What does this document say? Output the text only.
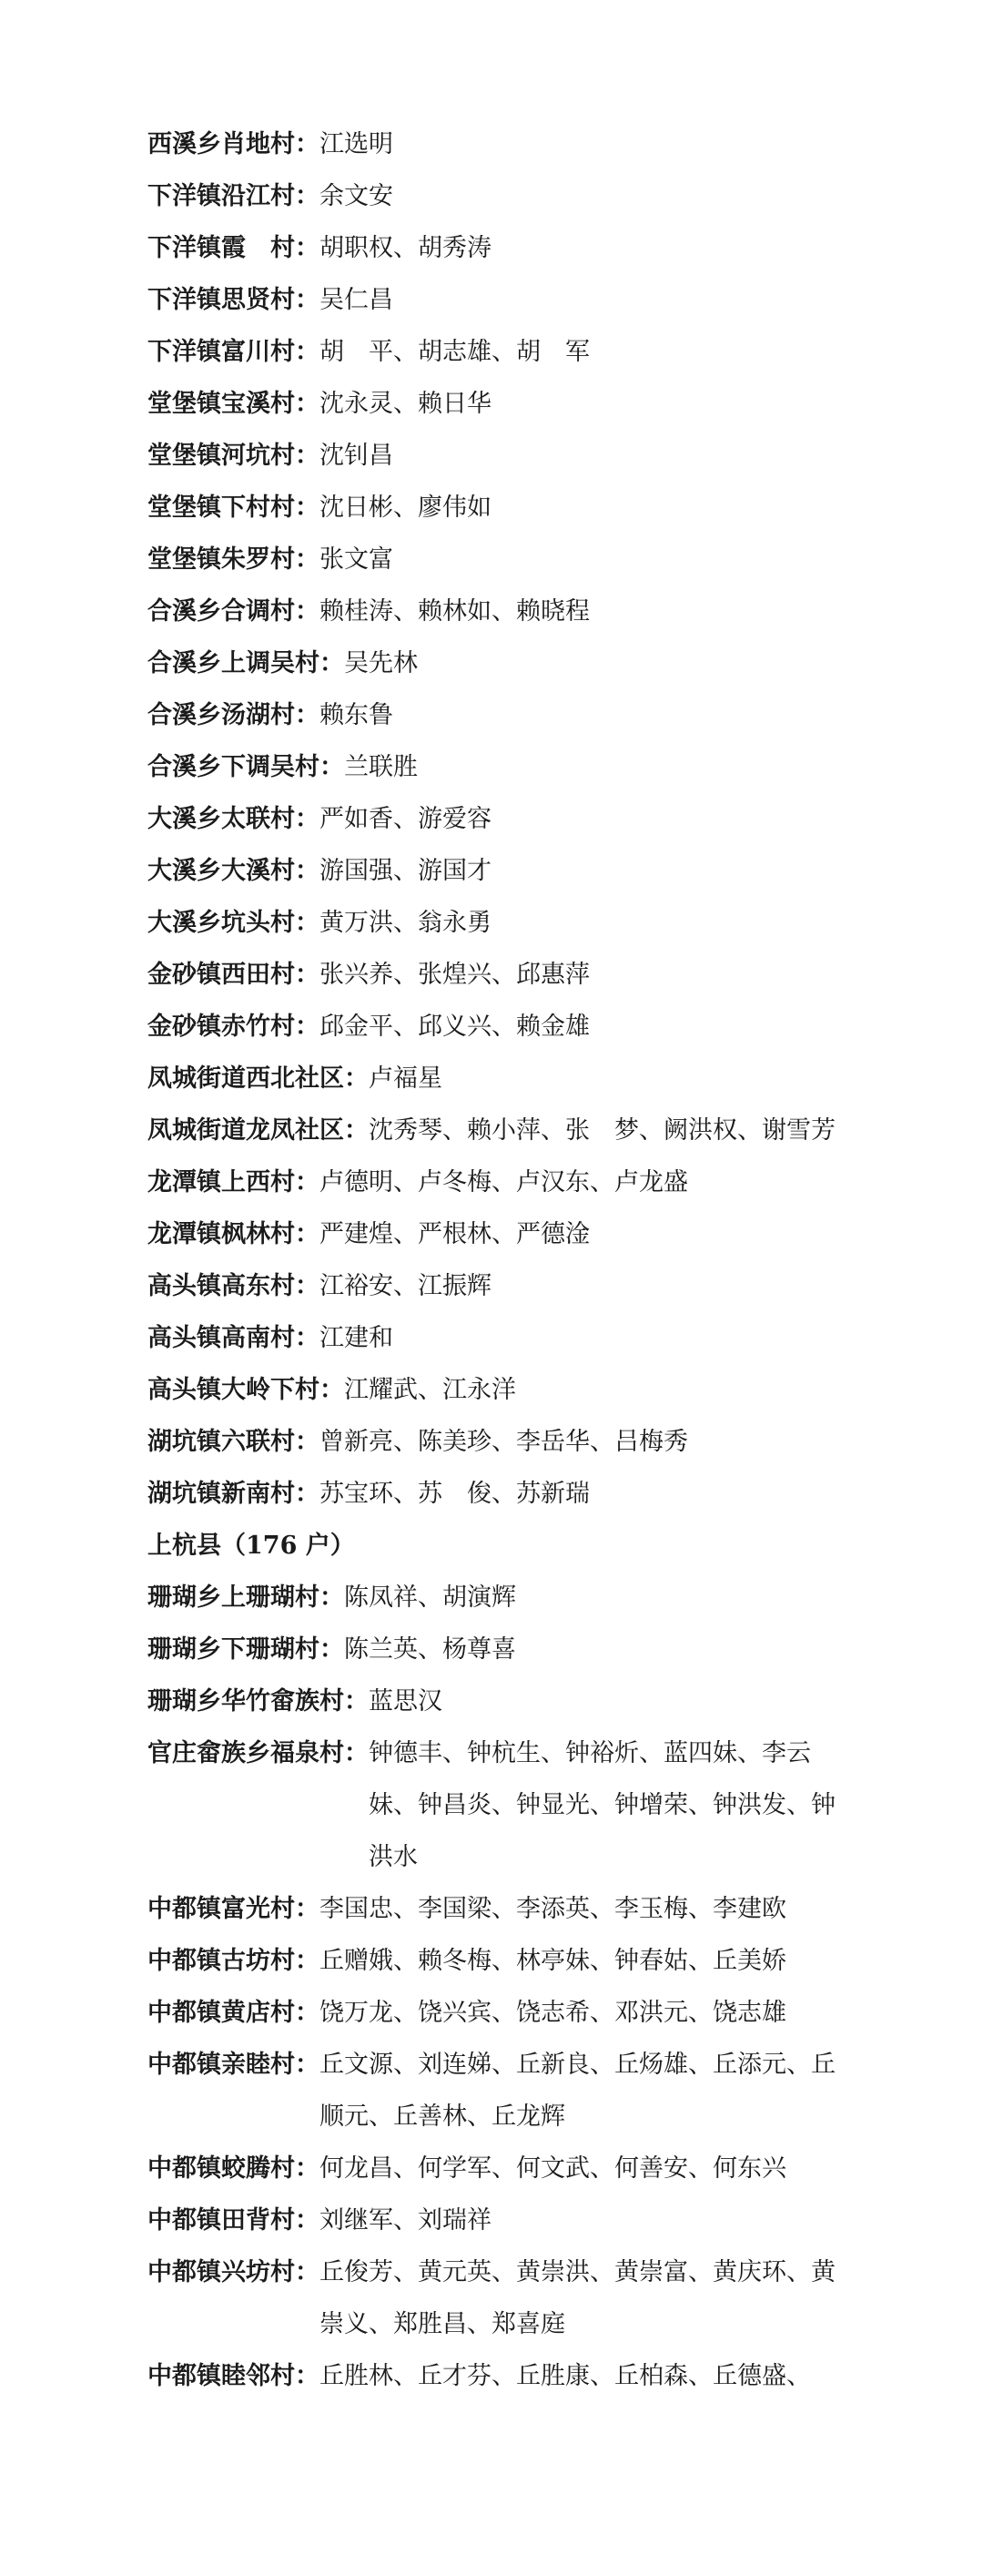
西溪乡肖地村： 江选明
下洋镇沿江村： 余文安
下洋镇霞　村： 胡职权、胡秀涛
下洋镇思贤村： 吴仁昌
下洋镇富川村： 胡　平、胡志雄、胡　军
堂堡镇宝溪村： 沈永灵、赖日华
堂堡镇河坑村： 沈钊昌
堂堡镇下村村： 沈日彬、廖伟如
堂堡镇朱罗村： 张文富
合溪乡合调村： 赖桂涛、赖林如、赖晓程
合溪乡上调吴村： 吴先林
合溪乡汤湖村： 赖东鲁
合溪乡下调吴村： 兰联胜
大溪乡太联村： 严如香、游爱容
大溪乡大溪村： 游国强、游国才
大溪乡坑头村： 黄万洪、翁永勇
金砂镇西田村： 张兴养、张煌兴、邱惠萍
金砂镇赤竹村： 邱金平、邱义兴、赖金雄
凤城街道西北社区： 卢福星
凤城街道龙凤社区：沈秀琴、赖小萍、张　梦、阙洪权、谢雪芳
龙潭镇上西村： 卢德明、卢冬梅、卢汉东、卢龙盛
龙潭镇枫林村： 严建煌、严根林、严德淦
高头镇高东村： 江裕安、江振辉
高头镇高南村： 江建和
高头镇大岭下村： 江耀武、江永洋
湖坑镇六联村： 曾新亮、陈美珍、李岳华、吕梅秀
湖坑镇新南村： 苏宝环、苏　俊、苏新瑞
上杭县（176 户）
珊瑚乡上珊瑚村： 陈凤祥、胡演辉
珊瑚乡下珊瑚村： 陈兰英、杨尊喜
珊瑚乡华竹畲族村： 蓝思汉
官庄畲族乡福泉村： 钟德丰、钟杭生、钟裕炘、蓝四妹、李云妹、钟昌炎、钟显光、钟增荣、钟洪发、钟洪水
中都镇富光村： 李国忠、李国梁、李添英、李玉梅、李建欧
中都镇古坊村： 丘赠娥、赖冬梅、林亭妹、钟春姑、丘美娇
中都镇黄店村： 饶万龙、饶兴宾、饶志希、邓洪元、饶志雄
中都镇亲睦村： 丘文源、刘连娣、丘新良、丘炀雄、丘添元、丘顺元、丘善林、丘龙辉
中都镇蛟腾村： 何龙昌、何学军、何文武、何善安、何东兴
中都镇田背村： 刘继军、刘瑞祥
中都镇兴坊村： 丘俊芳、黄元英、黄崇洪、黄崇富、黄庆环、黄崇义、郑胜昌、郑喜庭
中都镇睦邻村： 丘胜林、丘才芬、丘胜康、丘柏森、丘德盛、
